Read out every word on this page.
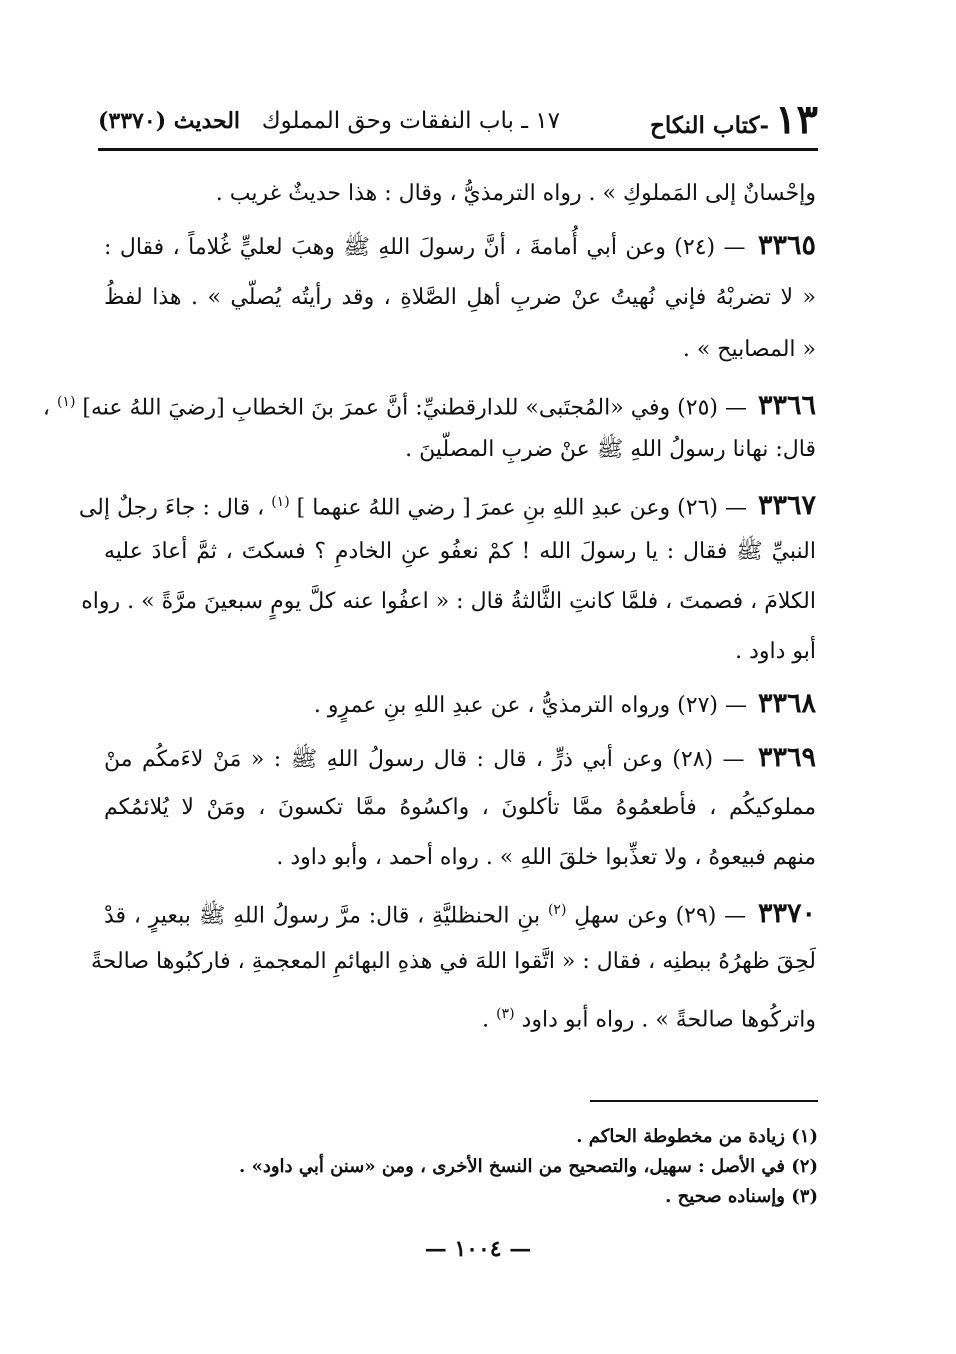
١٣
-كتاب النكاح
١٧ ـ باب النفقات وحق المملوك
الحديث (٣٣٧٠)
وإحْسانٌ إلى المَملوكِ » . رواه الترمذيُّ ، وقال : هذا حديثٌ غريب .
٣٣٦٥ — (٢٤) وعن أبي أُمامةَ ، أنَّ رسولَ اللهِ ﷺ وهبَ لعليٍّ غُلاماً ، فقال :
« لا تضربْهُ فإني نُهيتُ عنْ ضربِ أهلِ الصَّلاةِ ، وقد رأيتُه يُصلّي » . هذا لفظُ
« المصابيح » .
٣٣٦٦ — (٢٥) وفي «المُجتَبى» للدارقطنيِّ: أنَّ عمرَ بنَ الخطابِ [رضيَ اللهُ عنه] $^{(١)}$ ،
قال: نهانا رسولُ اللهِ ﷺ عنْ ضربِ المصلّينَ .
٣٣٦٧ — (٢٦) وعن عبدِ اللهِ بنِ عمرَ [ رضي اللهُ عنهما ] $^{(١)}$ ، قال : جاءَ رجلٌ إلى
النبيِّ ﷺ فقال : يا رسولَ الله ! كمْ نعفُو عنِ الخادمِ ؟ فسكتَ ، ثمَّ أعادَ عليه
الكلامَ ، فصمتَ ، فلمَّا كانتِ الثَّالثةُ قال : « اعفُوا عنه كلَّ يومٍ سبعينَ مرَّةً » . رواه
أبو داود .
٣٣٦٨ — (٢٧) ورواه الترمذيُّ ، عن عبدِ اللهِ بنِ عمرٍو .
٣٣٦٩ — (٢٨) وعن أبي ذرٍّ ، قال : قال رسولُ اللهِ ﷺ : « مَنْ لاءَمكُم منْ
مملوكيكُم ، فأطعمُوهُ ممَّا تأكلونَ ، واكسُوهُ ممَّا تكسونَ ، ومَنْ لا يُلائمُكم
منهم فبيعوهُ ، ولا تعذِّبوا خلقَ اللهِ » . رواه أحمد ، وأبو داود .
٣٣٧٠ — (٢٩) وعن سهلِ $^{(٢)}$ بنِ الحنظليَّةِ ، قال: مرَّ رسولُ اللهِ ﷺ ببعيرٍ ، قدْ
لَحِقَ ظهرُهُ ببطنِه ، فقال : « اتَّقوا اللهَ في هذهِ البهائمِ المعجمةِ ، فاركبُوها صالحةً
واتركُوها صالحةً » . رواه أبو داود $^{(٣)}$ .
(١) زيادة من مخطوطة الحاكم .
(٢) في الأصل : سهيل، والتصحيح من النسخ الأخرى ، ومن «سنن أبي داود» .
(٣) وإسناده صحيح .
— ١٠٠٤ —
